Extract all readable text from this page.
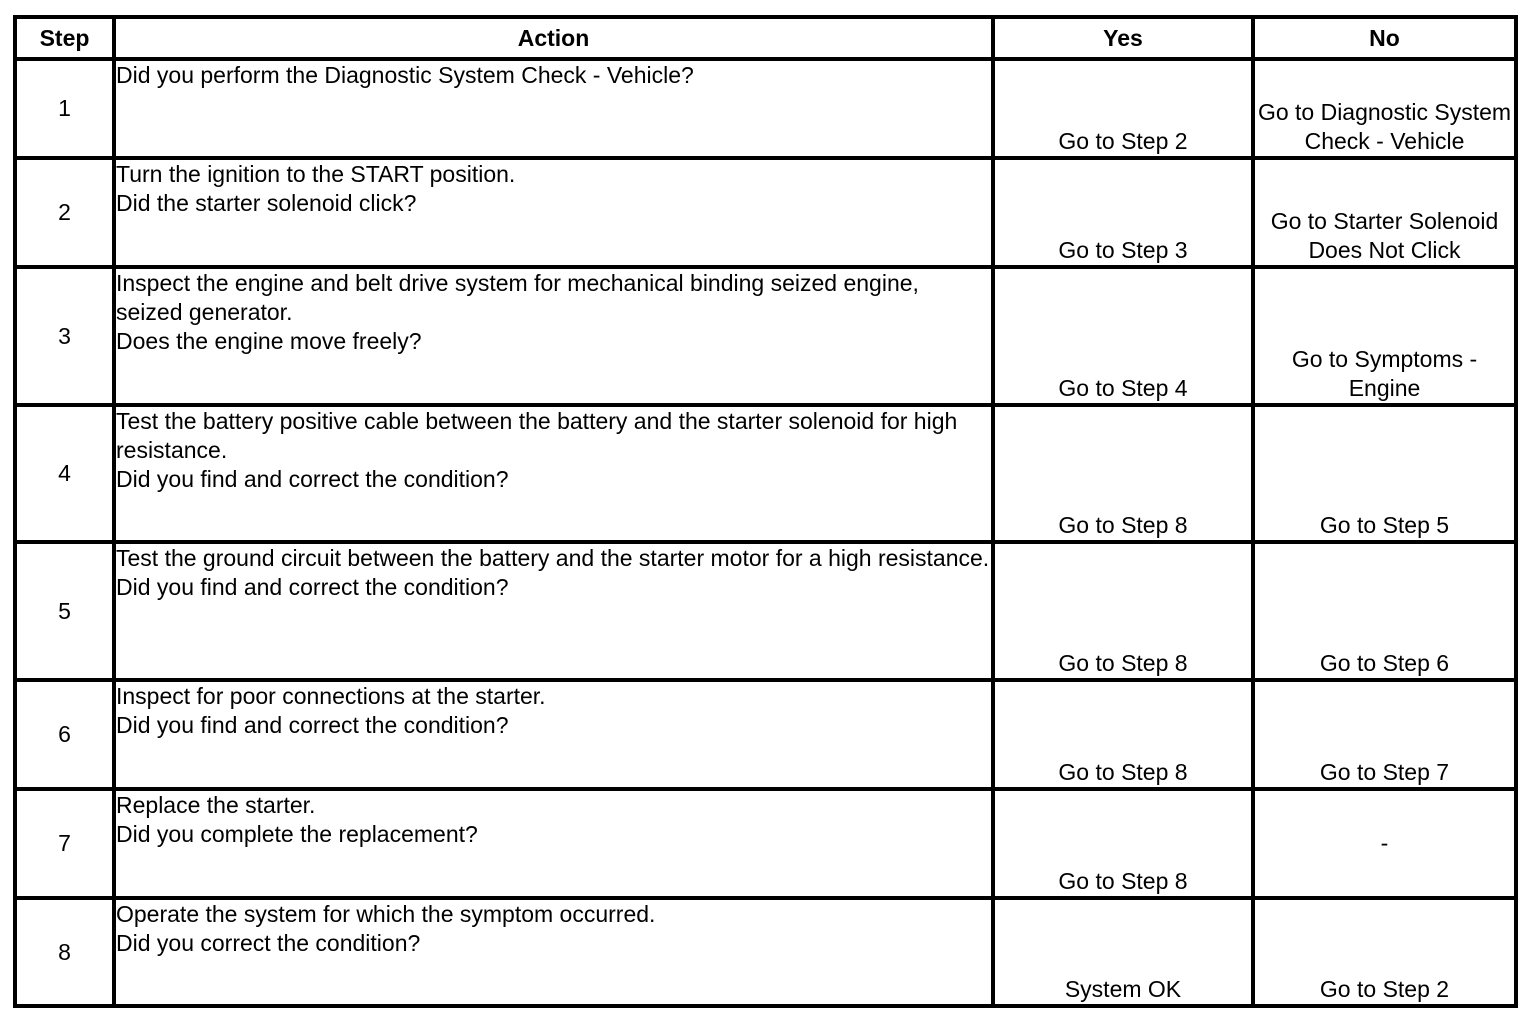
Step	Action	Yes	No
1	Did you perform the Diagnostic System Check - Vehicle?	Go to Step 2	Go to Diagnostic System Check - Vehicle
2	Turn the ignition to the START position.
Did the starter solenoid click?	Go to Step 3	Go to Starter Solenoid Does Not Click
3	Inspect the engine and belt drive system for mechanical binding seized engine, seized generator.
Does the engine move freely?	Go to Step 4	Go to Symptoms - Engine
4	Test the battery positive cable between the battery and the starter solenoid for high resistance.
Did you find and correct the condition?	Go to Step 8	Go to Step 5
5	Test the ground circuit between the battery and the starter motor for a high resistance.
Did you find and correct the condition?	Go to Step 8	Go to Step 6
6	Inspect for poor connections at the starter.
Did you find and correct the condition?	Go to Step 8	Go to Step 7
7	Replace the starter.
Did you complete the replacement?	Go to Step 8	-
8	Operate the system for which the symptom occurred.
Did you correct the condition?	System OK	Go to Step 2
